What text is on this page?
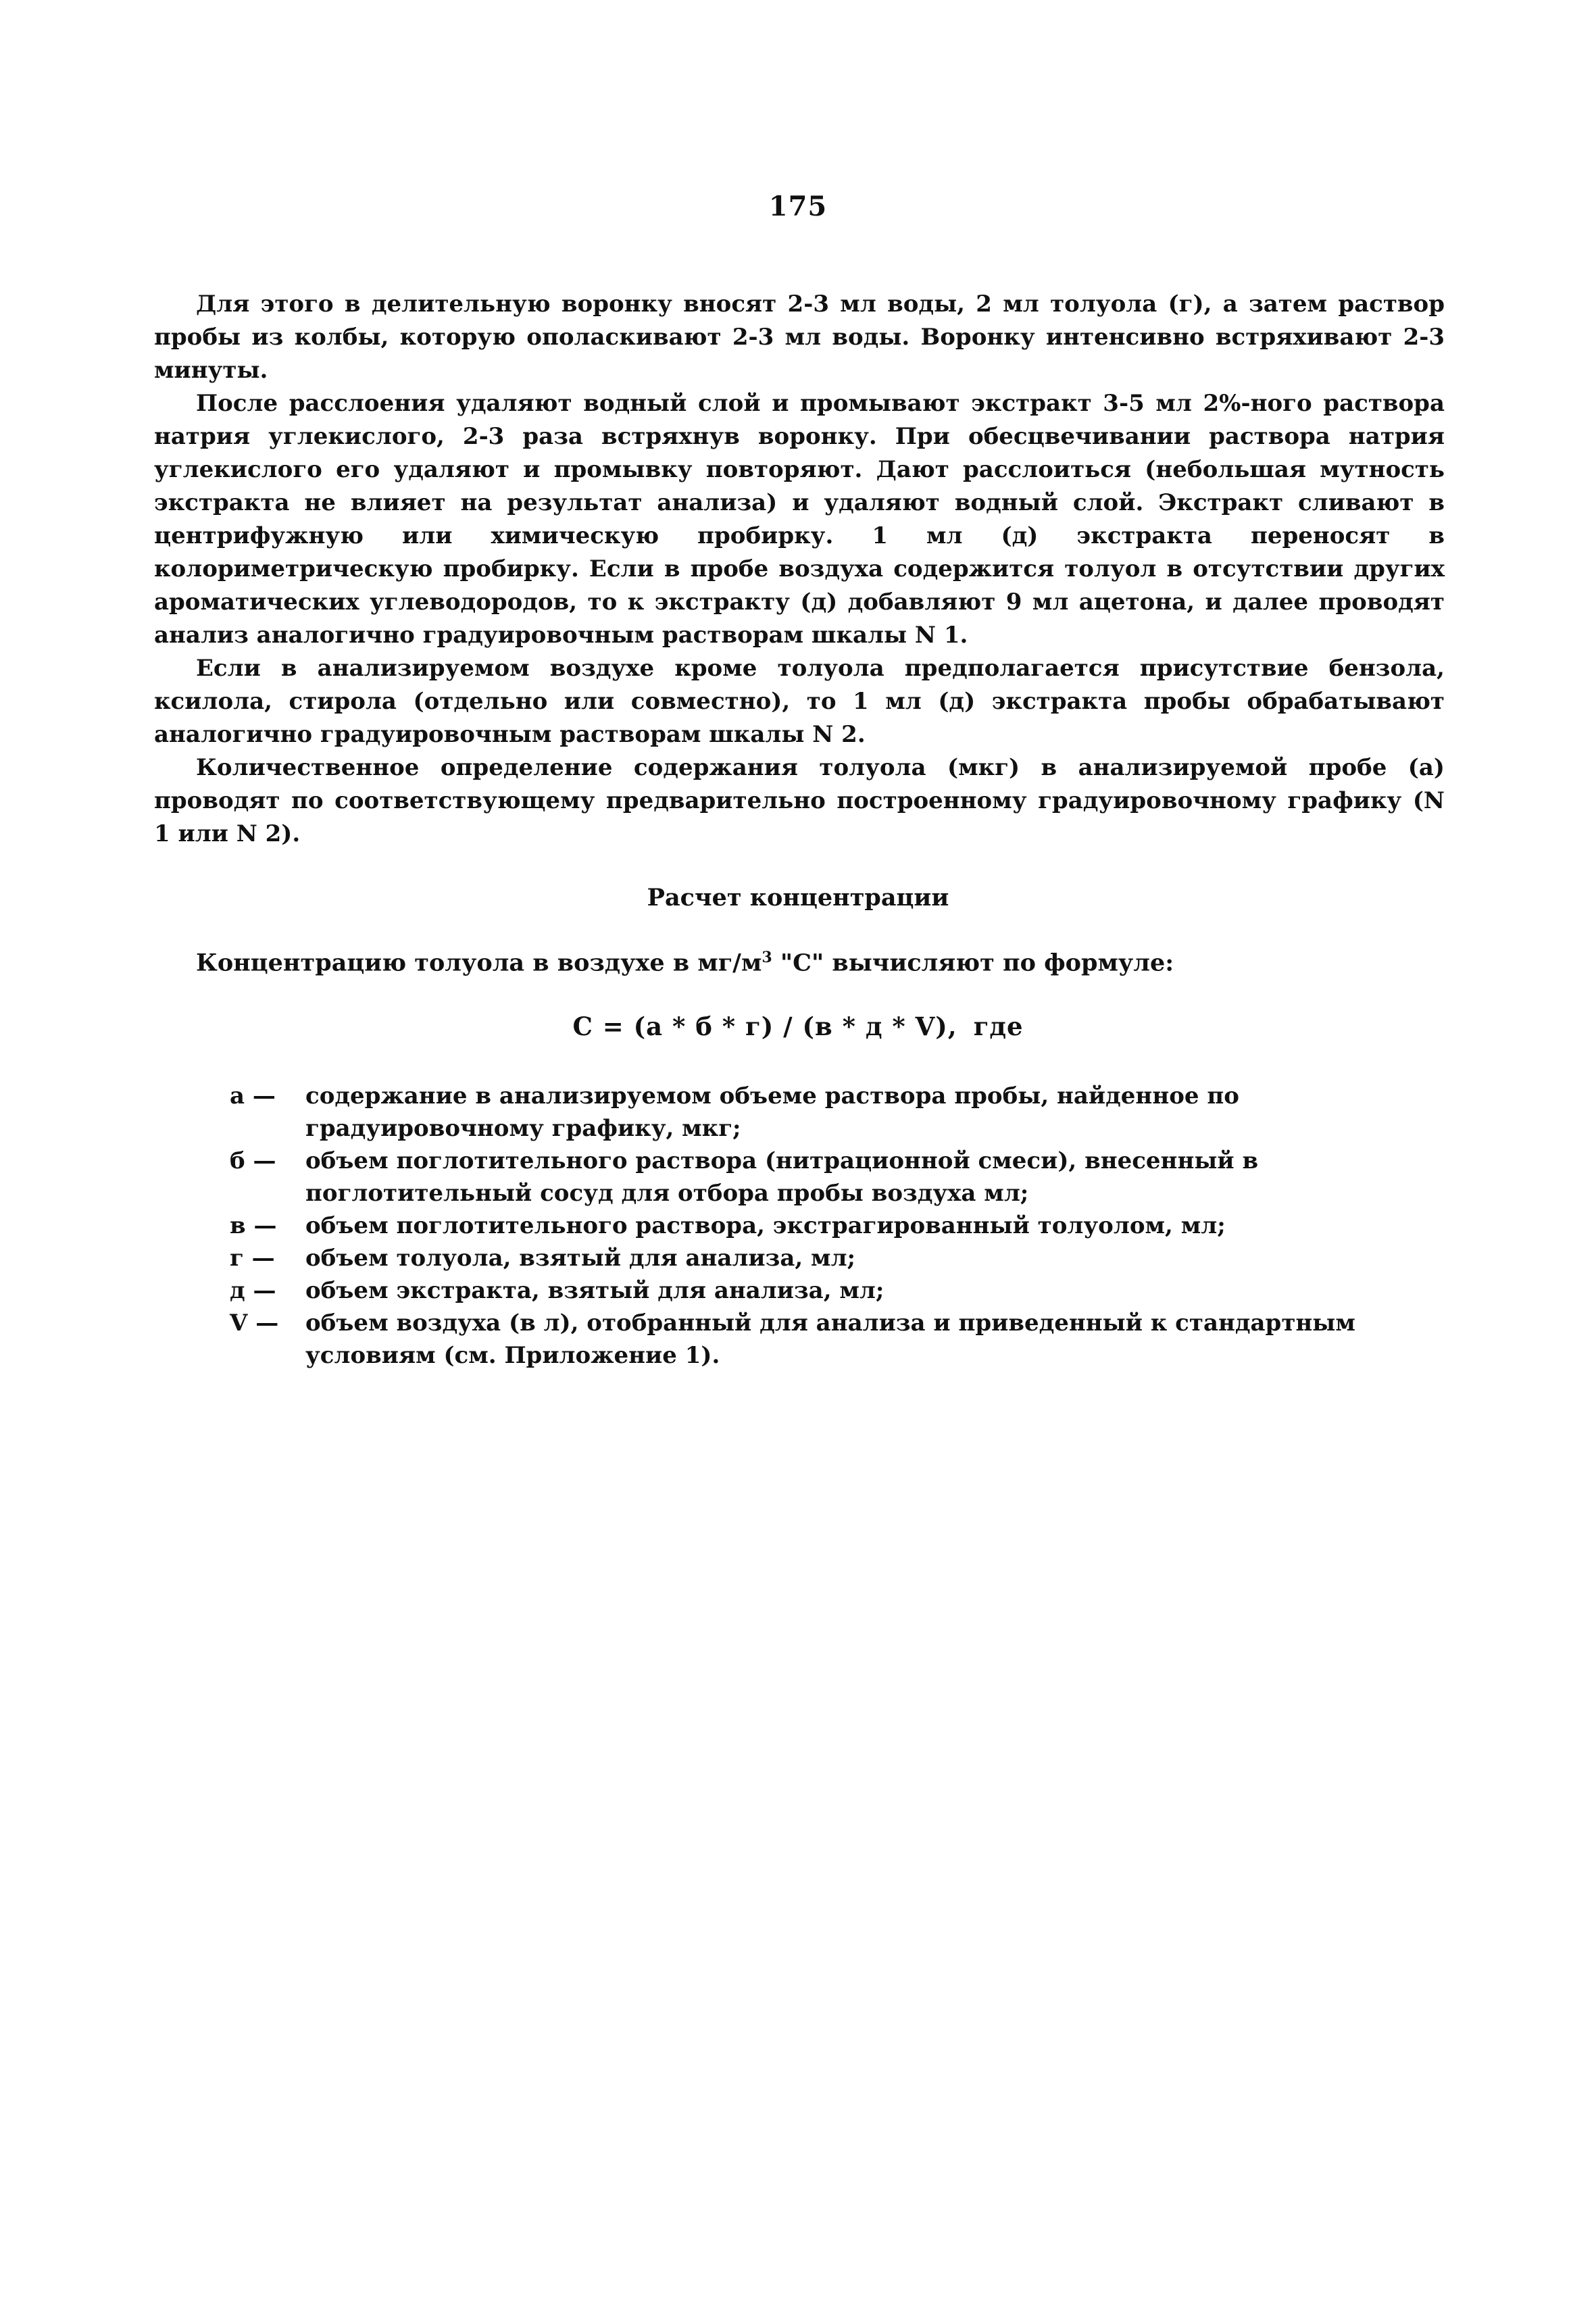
175

Для этого в делительную воронку вносят 2-3 мл воды, 2 мл толуола (г), а затем раствор пробы из колбы, которую ополаскивают 2-3 мл воды. Воронку интенсивно встряхивают 2-3 минуты.

После расслоения удаляют водный слой и промывают экстракт 3-5 мл 2%-ного раствора натрия углекислого, 2-3 раза встряхнув воронку. При обесцвечивании раствора натрия углекислого его удаляют и промывку повторяют. Дают расслоиться (небольшая мутность экстракта не влияет на результат анализа) и удаляют водный слой. Экстракт сливают в центрифужную или химическую пробирку. 1 мл (д) экстракта переносят в колориметрическую пробирку. Если в пробе воздуха содержится толуол в отсутствии других ароматических углеводородов, то к экстракту (д) добавляют 9 мл ацетона, и далее проводят анализ аналогично градуировочным растворам шкалы N 1.

Если в анализируемом воздухе кроме толуола предполагается присутствие бензола, ксилола, стирола (отдельно или совместно), то 1 мл (д) экстракта пробы обрабатывают аналогично градуировочным растворам шкалы N 2.

Количественное определение содержания толуола (мкг) в анализируемой пробе (а) проводят по соответствующему предварительно построенному градуировочному графику (N 1 или N 2).

Расчет концентрации
Концентрацию толуола в воздухе в $мг/м^3$ "С" вычисляют по формуле:
С = (а * б * г) / (в * д * V), где
а —	содержание в анализируемом объеме раствора пробы, найденное по градуировочному графику, мкг;
б —	объем поглотительного раствора (нитрационной смеси), внесенный в поглотительный сосуд для отбора пробы воздуха мл;
в —	объем поглотительного раствора, экстрагированный толуолом, мл;
г —	объем толуола, взятый для анализа, мл;
д —	объем экстракта, взятый для анализа, мл;
V —	объем воздуха (в л), отобранный для анализа и приведенный к стандартным условиям (см. Приложение 1).
